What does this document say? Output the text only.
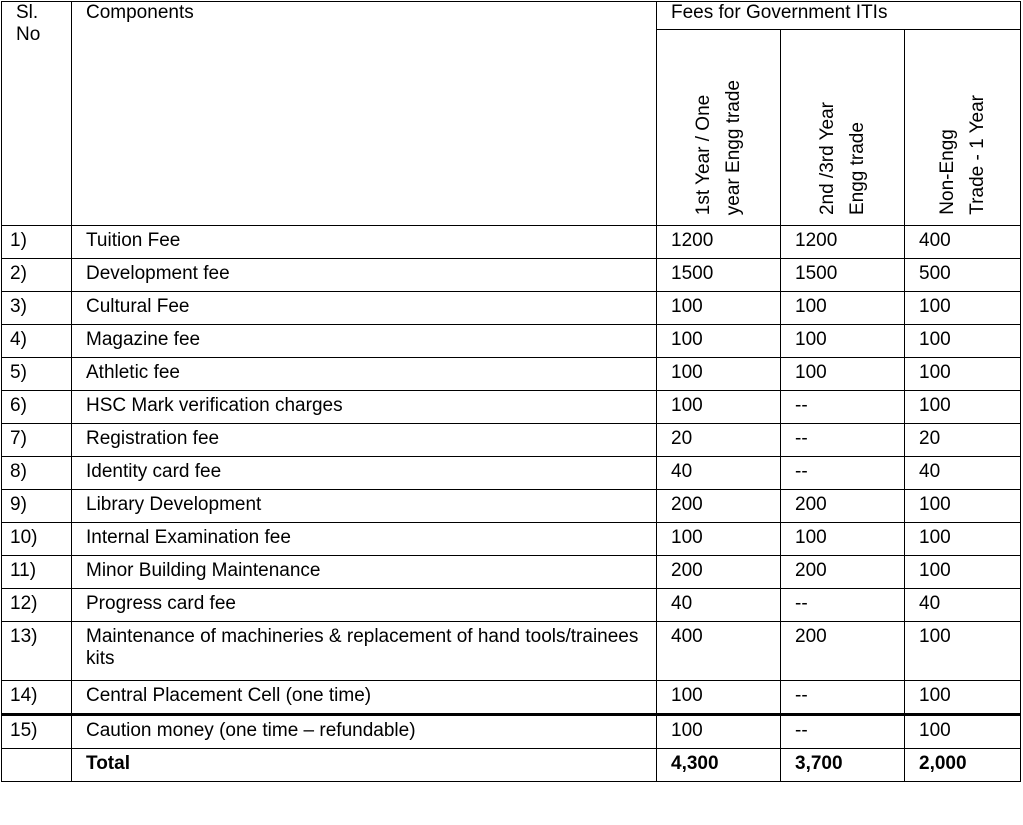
Sl.
No	Components	Fees for Government ITIs		

		1st Year / One year Engg trade	2nd /3rd Year Engg trade	Non-Engg Trade - 1 Year

1)	Tuition Fee	1200	1200	400
2)	Development fee	1500	1500	500
3)	Cultural Fee	100	100	100
4)	Magazine fee	100	100	100
5)	Athletic fee	100	100	100
6)	HSC Mark verification charges	100	--	100
7)	Registration fee	20	--	20
8)	Identity card fee	40	--	40
9)	Library Development	200	200	100
10)	Internal Examination fee	100	100	100
11)	Minor Building Maintenance	200	200	100
12)	Progress card fee	40	--	40
13)	Maintenance of machineries & replacement of hand tools/trainees kits	400	200	100
14)	Central Placement Cell (one time)	100	--	100
15)	Caution money (one time – refundable)	100	--	100
	Total	4,300	3,700	2,000
